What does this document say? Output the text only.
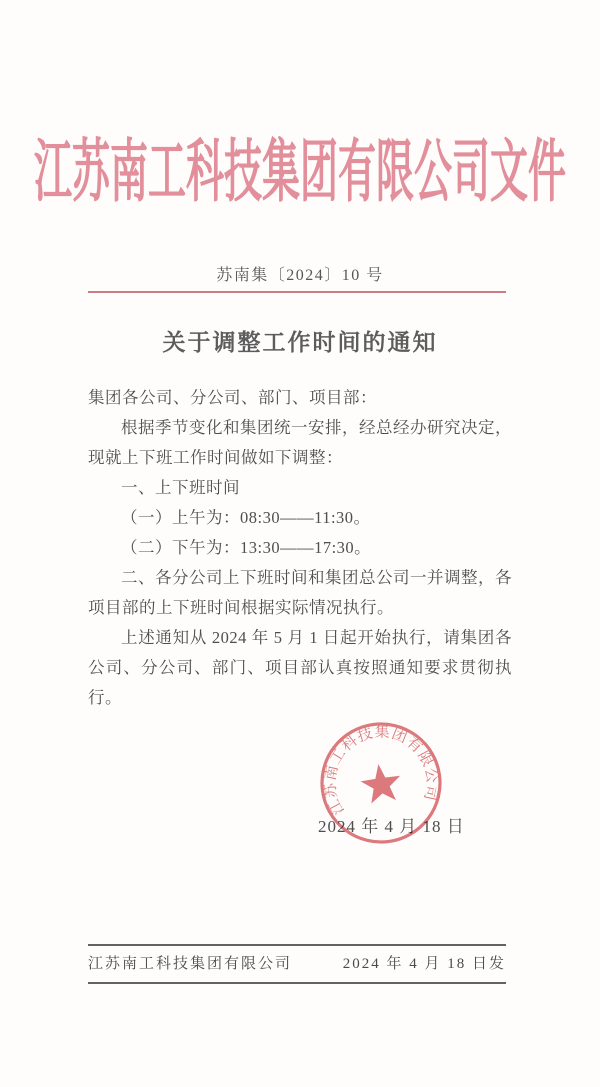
江苏南工科技集团有限公司文件
苏南集〔2024〕10 号
关于调整工作时间的通知

集团各公司、分公司、部门、项目部：

根据季节变化和集团统一安排，经总经办研究决定，现就上下班工作时间做如下调整：

一、上下班时间

（一）上午为：08:30——11:30。

（二）下午为：13:30——17:30。

二、各分公司上下班时间和集团总公司一并调整，各项目部的上下班时间根据实际情况执行。

上述通知从 2024 年 5 月 1 日起开始执行，请集团各公司、分公司、部门、项目部认真按照通知要求贯彻执行。

2024 年 4 月 18 日
江苏南工科技集团有限公司
江苏南工科技集团有限公司	2024 年 4 月 18 日发
